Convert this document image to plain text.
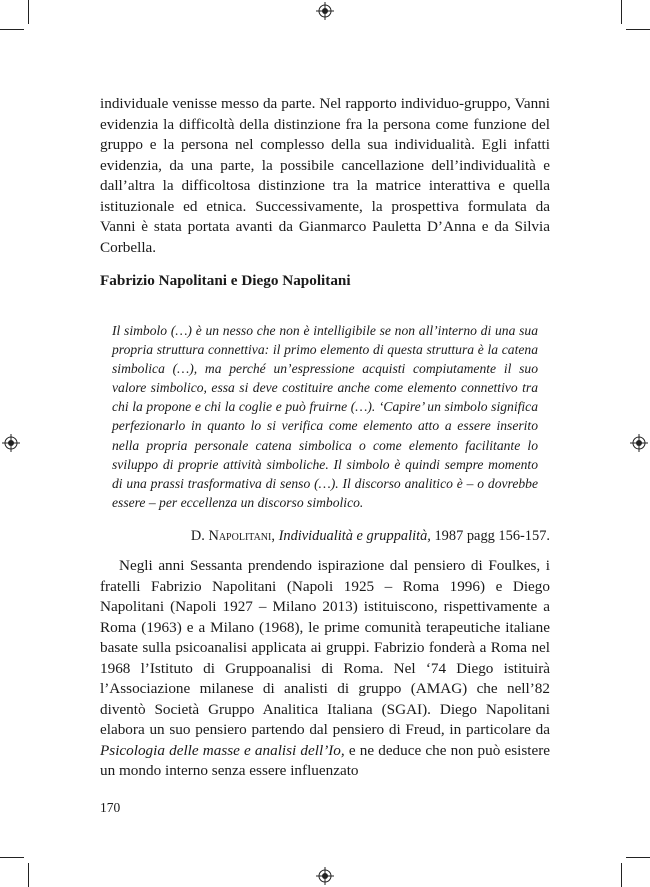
individuale venisse messo da parte. Nel rapporto individuo-gruppo, Vanni evidenzia la difficoltà della distinzione fra la persona come funzione del gruppo e la persona nel complesso della sua individualità. Egli infatti evidenzia, da una parte, la possibile cancellazione dell’individualità e dall’altra la difficoltosa distinzione tra la matrice interattiva e quella istituzionale ed etnica. Successivamente, la prospettiva formulata da Vanni è stata portata avanti da Gianmarco Pauletta D’Anna e da Silvia Corbella.

Fabrizio Napolitani e Diego Napolitani

Il simbolo (…) è un nesso che non è intelligibile se non all’interno di una sua propria struttura connettiva: il primo elemento di questa struttura è la catena simbolica (…), ma perché un’espressione acquisti compiutamente il suo valore simbolico, essa si deve costituire anche come elemento connettivo tra chi la propone e chi la coglie e può fruirne (…). ‘Capire’ un simbolo significa perfezionarlo in quanto lo si verifica come elemento atto a essere inserito nella propria personale catena simbolica o come elemento facilitante lo sviluppo di proprie attività simboliche. Il simbolo è quindi sempre momento di una prassi trasformativa di senso (…). Il discorso analitico è – o dovrebbe essere – per eccellenza un discorso simbolico.

D. Napolitani, Individualità e gruppalità, 1987 pagg 156-157.

Negli anni Sessanta prendendo ispirazione dal pensiero di Foulkes, i fratelli Fabrizio Napolitani (Napoli 1925 – Roma 1996) e Diego Napolitani (Napoli 1927 – Milano 2013) istituiscono, rispettivamente a Roma (1963) e a Milano (1968), le prime comunità terapeutiche italiane basate sulla psicoanalisi applicata ai gruppi. Fabrizio fonderà a Roma nel 1968 l’Istituto di Gruppoanalisi di Roma. Nel ‘74 Diego istituirà l’Associazione milanese di analisti di gruppo (AMAG) che nell’82 diventò Società Gruppo Analitica Italiana (SGAI). Diego Napolitani elabora un suo pensiero partendo dal pensiero di Freud, in particolare da Psicologia delle masse e analisi dell’Io, e ne deduce che non può esistere un mondo interno senza essere influenzato

170
